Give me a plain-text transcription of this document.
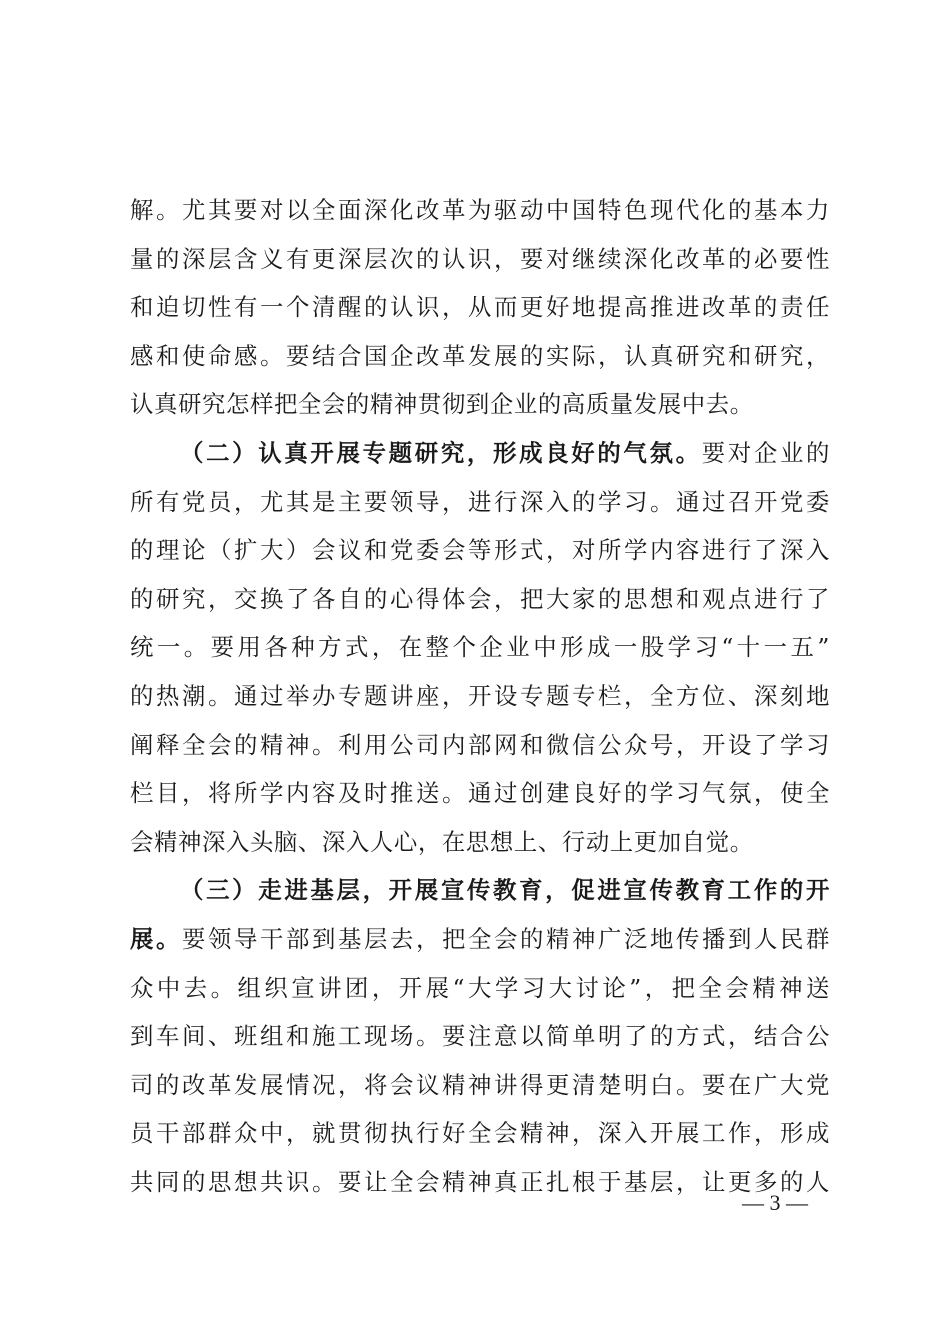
解。尤其要对以全面深化改革为驱动中国特色现代化的基本力
量的深层含义有更深层次的认识，要对继续深化改革的必要性
和迫切性有一个清醒的认识，从而更好地提高推进改革的责任
感和使命感。要结合国企改革发展的实际，认真研究和研究，
认真研究怎样把全会的精神贯彻到企业的高质量发展中去。
（二）认真开展专题研究，形成良好的气氛。要对企业的
所有党员，尤其是主要领导，进行深入的学习。通过召开党委
的理论（扩大）会议和党委会等形式，对所学内容进行了深入
的研究，交换了各自的心得体会，把大家的思想和观点进行了
统一。要用各种方式，在整个企业中形成一股学习“十一五”
的热潮。通过举办专题讲座，开设专题专栏，全方位、深刻地
阐释全会的精神。利用公司内部网和微信公众号，开设了学习
栏目，将所学内容及时推送。通过创建良好的学习气氛，使全
会精神深入头脑、深入人心，在思想上、行动上更加自觉。
（三）走进基层，开展宣传教育，促进宣传教育工作的开
展。要领导干部到基层去，把全会的精神广泛地传播到人民群
众中去。组织宣讲团，开展“大学习大讨论”，把全会精神送
到车间、班组和施工现场。要注意以简单明了的方式，结合公
司的改革发展情况，将会议精神讲得更清楚明白。要在广大党
员干部群众中，就贯彻执行好全会精神，深入开展工作，形成
共同的思想共识。要让全会精神真正扎根于基层，让更多的人
— 3 —
